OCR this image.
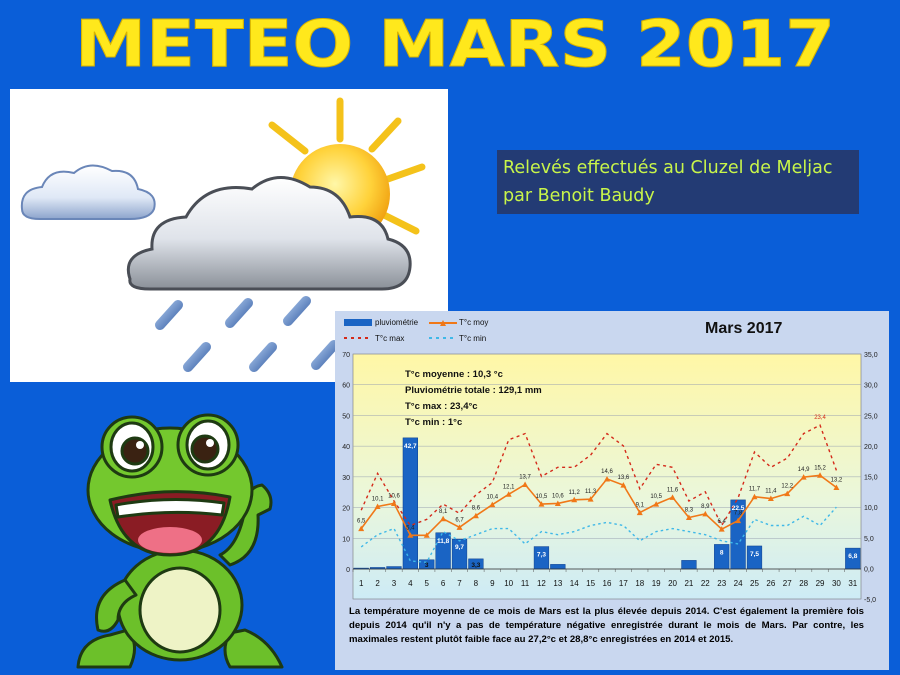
METEO MARS 2017
Relevés effectués au Cluzel de Meljac
par Benoit Baudy
42,7
3
11,8
9,7
3,3
7,3	8
22,5
7,5	6,8
6,5
10,1
10,6
5,4
8,1
6,7
8,6
10,4
12,1
13,7
10,5 10,6
11,2 11,3
14,6
13,6
9,1
10,5
11,6
8,3
8,9
6,4
7,8
11,7 11,4
12,2
14,9 15,2
13,2
23,4
0
10
20
30
40
50
60
70
-5,0
0,0
5,0
10,0
15,0
20,0
25,0
30,0
35,0
1 2 3 4 5 6 7 8 9 10 11 12 13 14 15 16 17 18 19 20 21 22 23 24 25 26 27 28 29 30 31
Mars 2017
pluviométrie	T°c moy
T°c max	T°c min
T°c moyenne : 10,3 °c
Pluviométrie totale : 129,1 mm
T°c max : 23,4°c
T°c min : 1°c
La température moyenne de ce mois de Mars est la plus élevée depuis 2014. C'est également la première fois depuis 2014 qu'il n'y a pas de température négative enregistrée durant le mois de Mars. Par contre, les maximales restent plutôt faible face au 27,2°c et 28,8°c enregistrées en 2014 et 2015.
